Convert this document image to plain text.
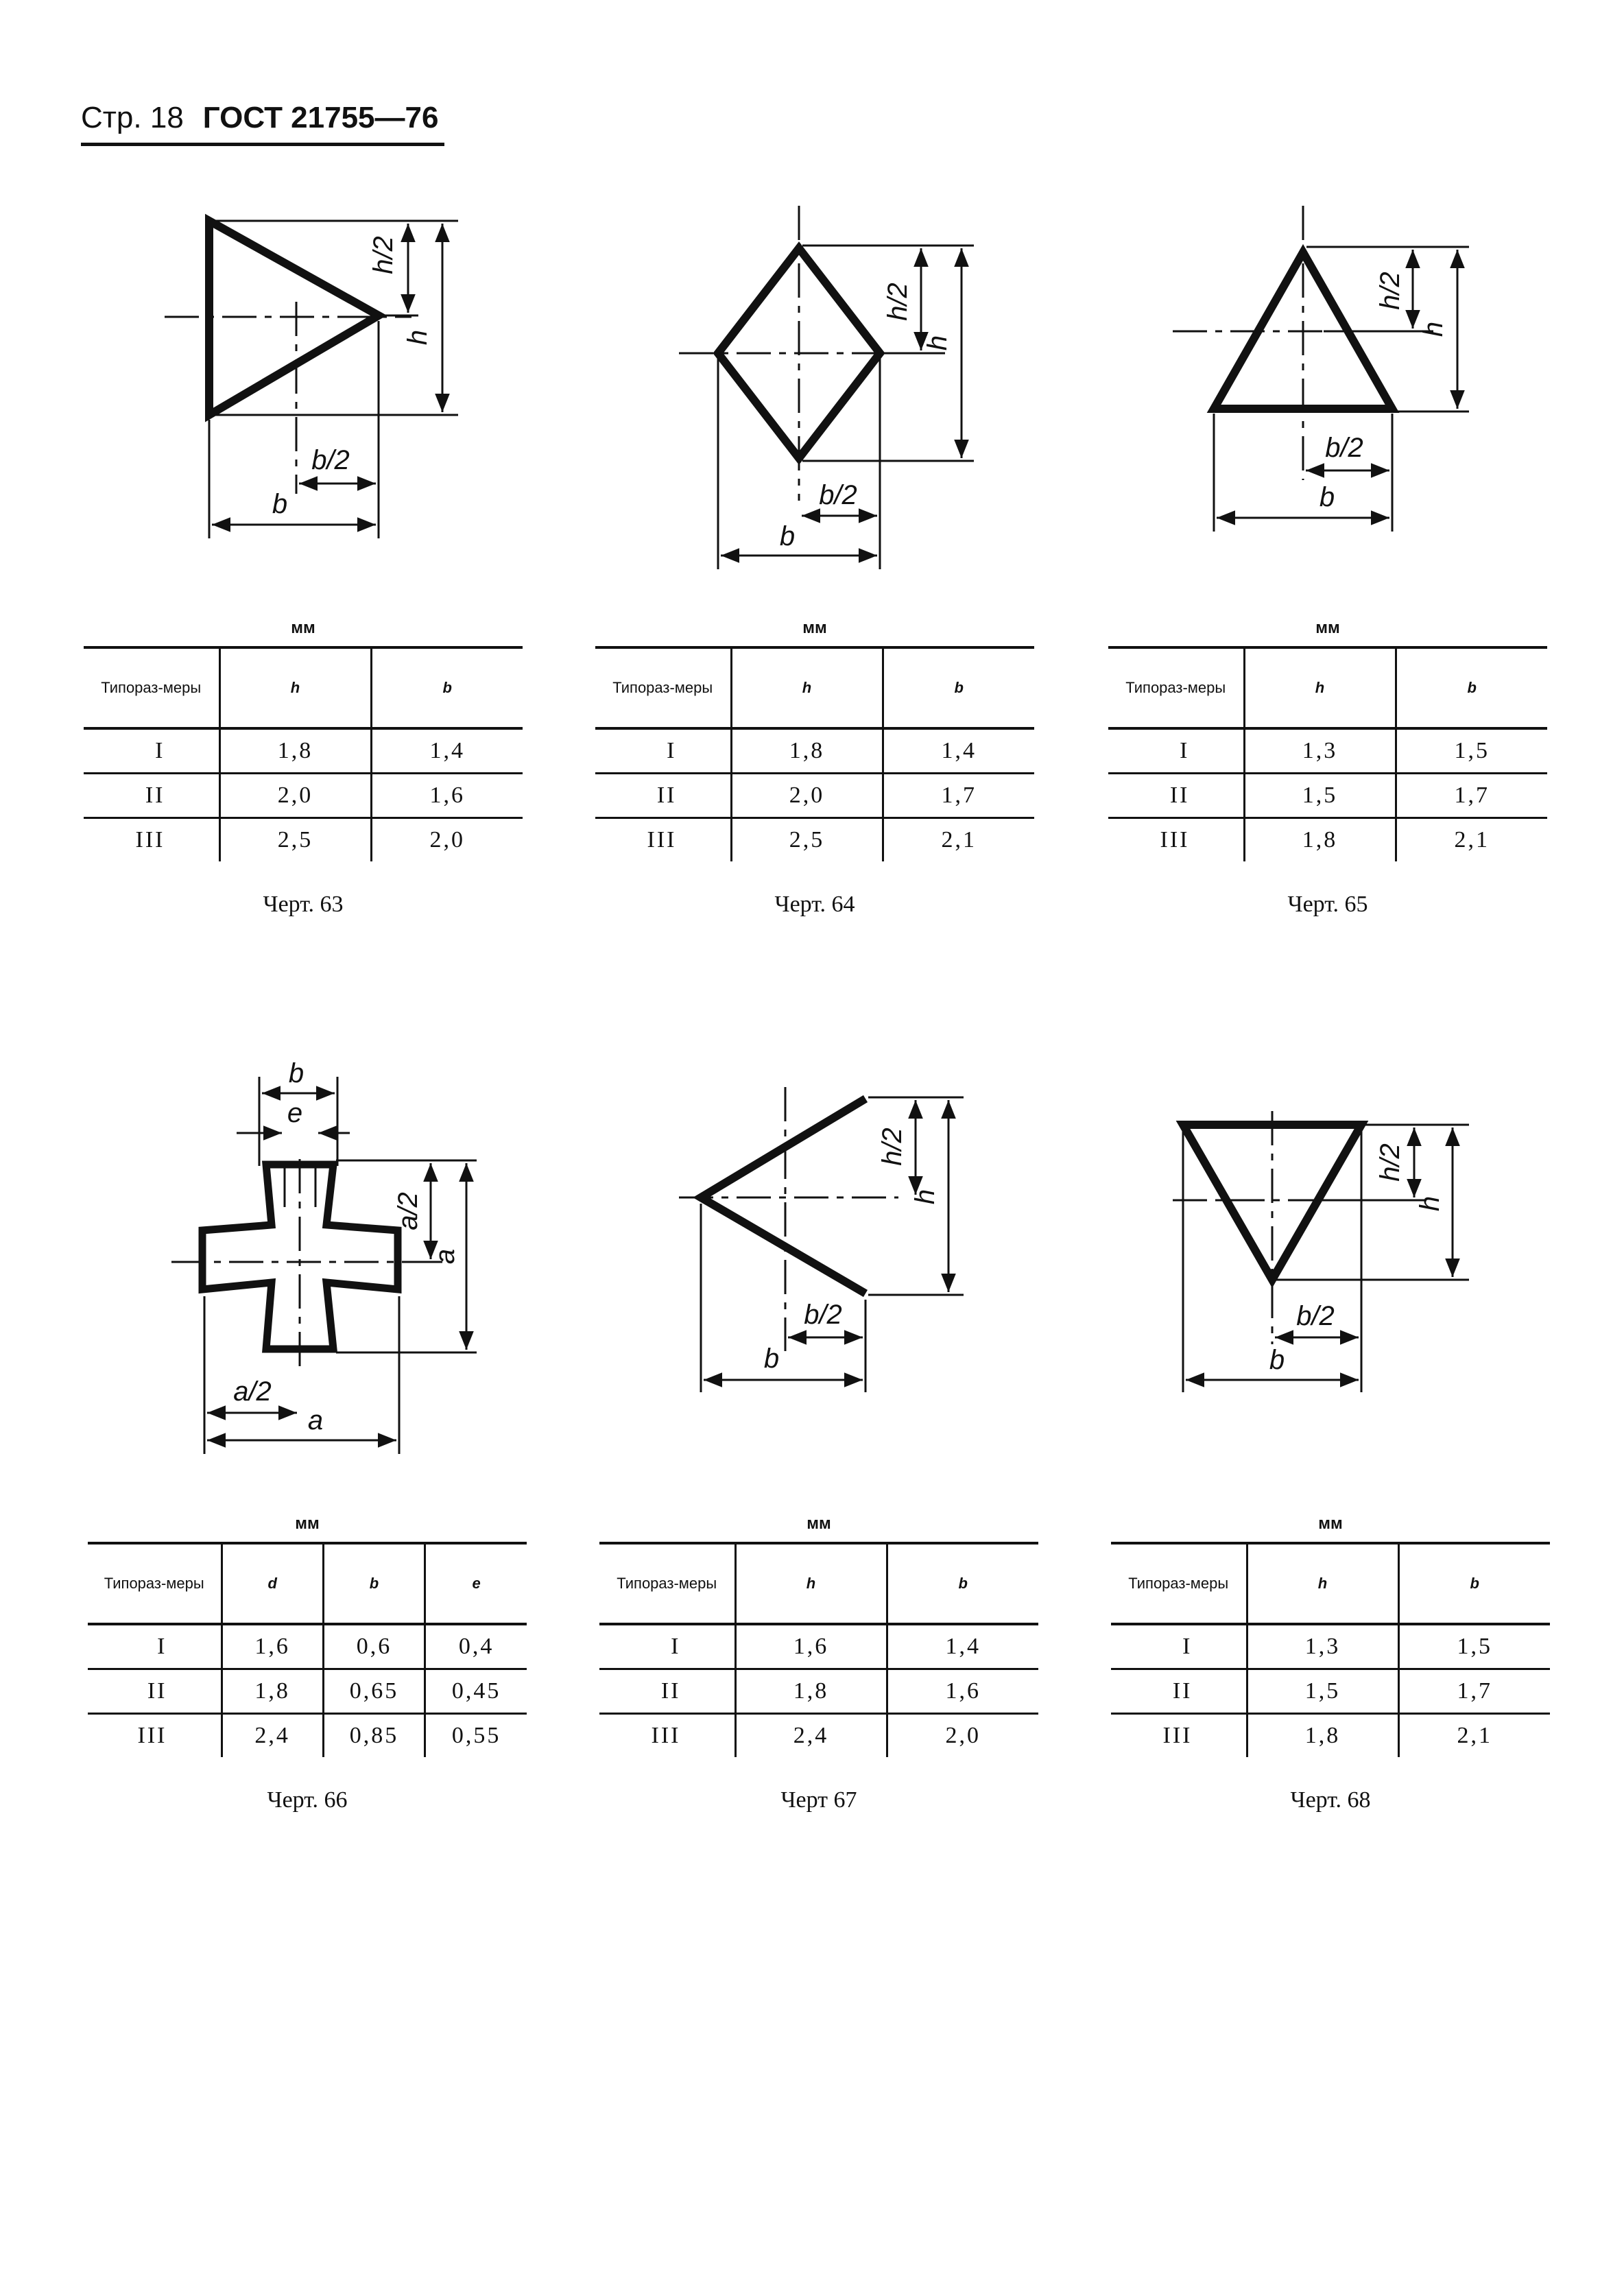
Стр. 18 ГОСТ 21755—76
h/2
h
b/2
b
h/2
h
b/2
b
h/2
h
b/2
b
b
e
a/2
a
a/2
a
h/2
h
b/2
b
h/2
h
b/2
b
мм
Типораз-меры	h	b
I	1,8	1,4
II	2,0	1,6
III	2,5	2,0
Черт. 63
мм
Типораз-меры	h	b
I	1,8	1,4
II	2,0	1,7
III	2,5	2,1
Черт. 64
мм
Типораз-меры	h	b
I	1,3	1,5
II	1,5	1,7
III	1,8	2,1
Черт. 65
мм
Типораз-меры	d	b	e
I	1,6	0,6	0,4
II	1,8	0,65	0,45
III	2,4	0,85	0,55
Черт. 66
мм
Типораз-меры	h	b
I	1,6	1,4
II	1,8	1,6
III	2,4	2,0
Черт 67
мм
Типораз-меры	h	b
I	1,3	1,5
II	1,5	1,7
III	1,8	2,1
Черт. 68
